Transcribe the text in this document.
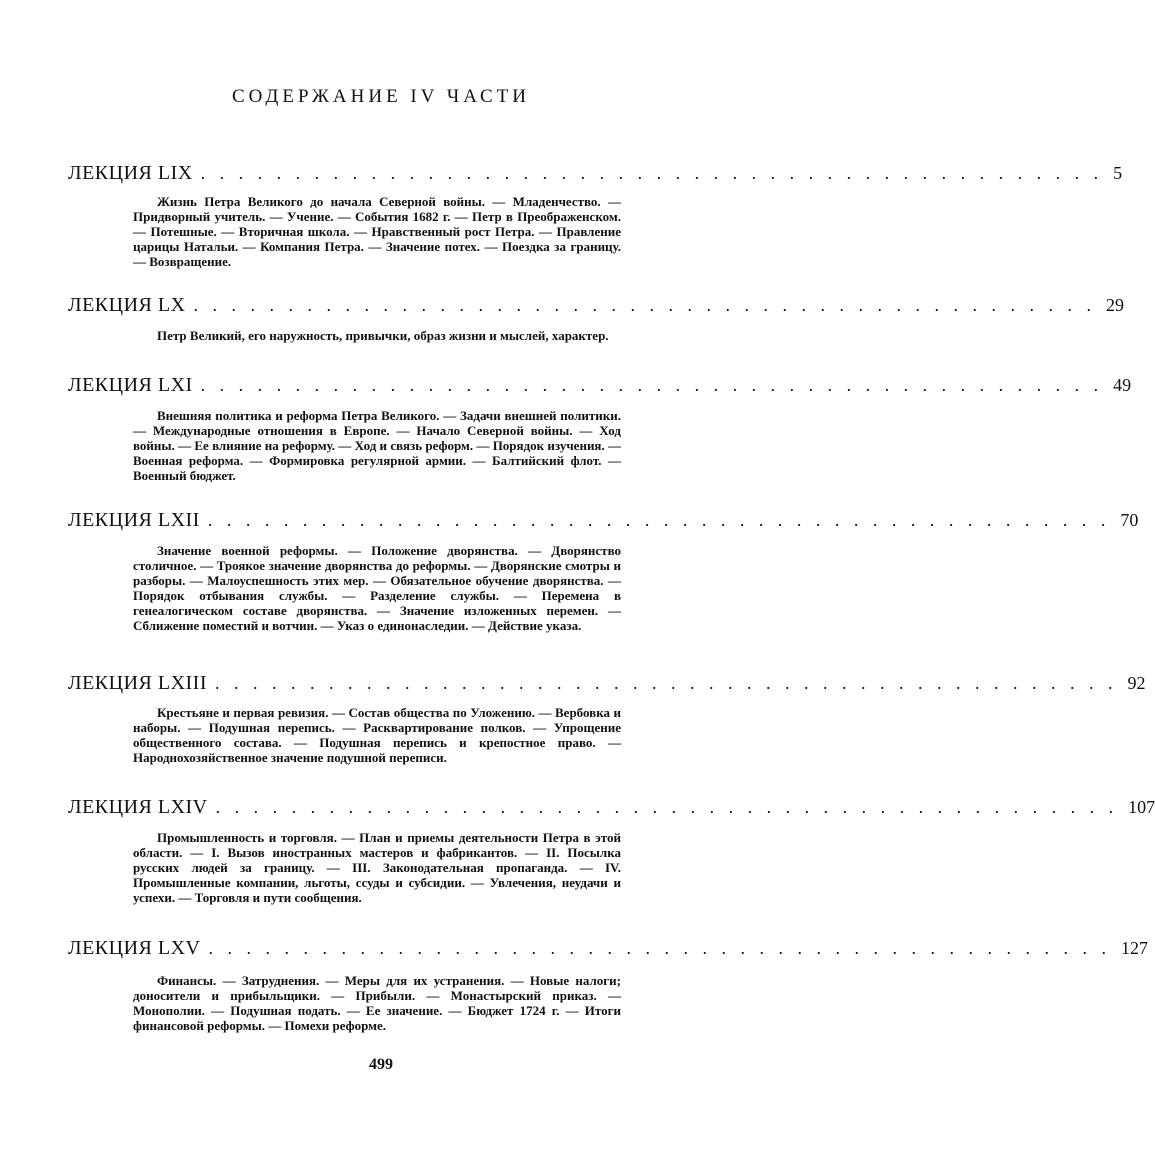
СОДЕРЖАНИЕ IV ЧАСТИ
ЛЕКЦИЯ LIX . . . . . . . . . . . . . . . . . . . . . . . . . . . . . . . . . . . . . . . . . . . . . . . . 5
Жизнь Петра Великого до начала Северной войны. — Младенчество. — Придворный учитель. — Учение. — События 1682 г. — Петр в Преображенском. — Потешные. — Вторичная школа. — Нравственный рост Петра. — Правление царицы Натальи. — Компания Петра. — Значение потех. — Поездка за границу. — Возвращение.
ЛЕКЦИЯ LX . . . . . . . . . . . . . . . . . . . . . . . . . . . . . . . . . . . . . . . . . . . . . . . . 29
Петр Великий, его наружность, привычки, образ жизни и мыслей, характер.
ЛЕКЦИЯ LXI . . . . . . . . . . . . . . . . . . . . . . . . . . . . . . . . . . . . . . . . . . . . . . . . 49
Внешняя политика и реформа Петра Великого. — Задачи внешней политики. — Международные отношения в Европе. — Начало Северной войны. — Ход войны. — Ее влияние на реформу. — Ход и связь реформ. — Порядок изучения. — Военная реформа. — Формировка регулярной армии. — Балтийский флот. — Военный бюджет.
ЛЕКЦИЯ LXII . . . . . . . . . . . . . . . . . . . . . . . . . . . . . . . . . . . . . . . . . . . . . . . . 70
Значение военной реформы. — Положение дворянства. — Дворянство столичное. — Троякое значение дворянства до реформы. — Дворянские смотры и разборы. — Малоуспешность этих мер. — Обязательное обучение дворянства. — Порядок отбывания службы. — Разделение службы. — Перемена в генеалогическом составе дворянства. — Значение изложенных перемен. — Сближение поместий и вотчин. — Указ о единонаследии. — Действие указа.
ЛЕКЦИЯ LXIII . . . . . . . . . . . . . . . . . . . . . . . . . . . . . . . . . . . . . . . . . . . . . . . . 92
Крестьяне и первая ревизия. — Состав общества по Уложению. — Вербовка и наборы. — Подушная перепись. — Расквартирование полков. — Упрощение общественного состава. — Подушная перепись и крепостное право. — Народнохозяйственное значение подушной переписи.
ЛЕКЦИЯ LXIV . . . . . . . . . . . . . . . . . . . . . . . . . . . . . . . . . . . . . . . . . . . . . . . . 107
Промышленность и торговля. — План и приемы деятельности Петра в этой области. — I. Вызов иностранных мастеров и фабрикантов. — II. Посылка русских людей за границу. — III. Законодательная пропаганда. — IV. Промышленные компании, льготы, ссуды и субсидии. — Увлечения, неудачи и успехи. — Торговля и пути сообщения.
ЛЕКЦИЯ LXV . . . . . . . . . . . . . . . . . . . . . . . . . . . . . . . . . . . . . . . . . . . . . . . . 127
Финансы. — Затруднения. — Меры для их устранения. — Новые налоги; доносители и прибыльщики. — Прибыли. — Монастырский приказ. — Монополии. — Подушная подать. — Ее значение. — Бюджет 1724 г. — Итоги финансовой реформы. — Помехи реформе.
499
